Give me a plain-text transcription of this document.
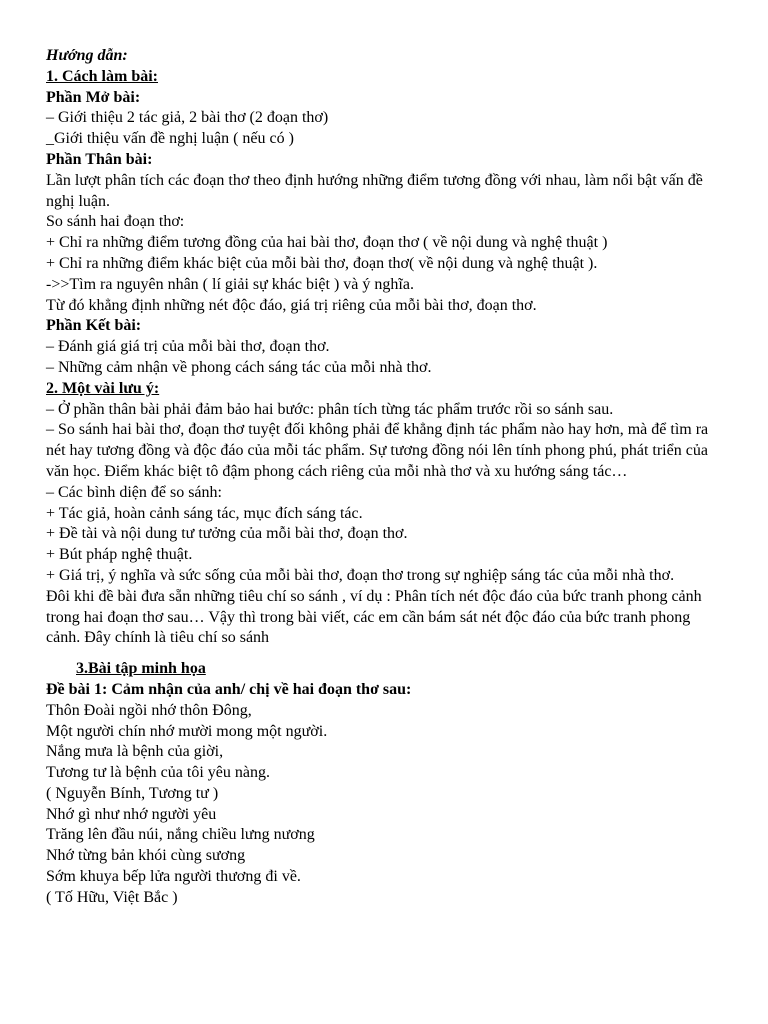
Hướng dẫn:
1. Cách làm bài:
Phần Mở bài:
– Giới thiệu 2 tác giả, 2 bài thơ (2 đoạn thơ)
_Giới thiệu vấn đề nghị luận ( nếu có )
Phần Thân bài:
Lần lượt phân tích các đoạn thơ theo định hướng những điểm tương đồng với nhau, làm nổi bật vấn đề nghị luận.
So sánh hai đoạn thơ:
+ Chỉ ra những điểm tương đồng của hai bài thơ, đoạn thơ ( về nội dung và nghệ thuật )
+ Chỉ ra những điểm khác biệt của mỗi bài thơ, đoạn thơ( về nội dung và nghệ thuật ).
->>Tìm ra nguyên nhân ( lí giải sự khác biệt ) và ý nghĩa.
Từ đó khẳng định những nét độc đáo, giá trị riêng của mỗi bài thơ, đoạn thơ.
Phần Kết bài:
– Đánh giá giá trị của mỗi bài thơ, đoạn thơ.
– Những cảm nhận về phong cách sáng tác của mỗi nhà thơ.
2. Một vài lưu ý:
– Ở phần thân bài phải đảm bảo hai bước: phân tích từng tác phẩm trước rồi so sánh sau.
– So sánh hai bài thơ, đoạn thơ tuyệt đối không phải để khẳng định tác phẩm nào hay hơn, mà để tìm ra nét hay tương đồng và độc đáo của mỗi tác phẩm. Sự tương đồng nói lên tính phong phú, phát triển của văn học. Điểm khác biệt tô đậm phong cách riêng của mỗi nhà thơ và xu hướng sáng tác…
– Các bình diện để so sánh:
+ Tác giả, hoàn cảnh sáng tác, mục đích sáng tác.
+ Đề tài và nội dung tư tưởng của mỗi bài thơ, đoạn thơ.
+ Bút pháp nghệ thuật.
+ Giá trị, ý nghĩa và sức sống của mỗi bài thơ, đoạn thơ trong sự nghiệp sáng tác của mỗi nhà thơ.
Đôi khi đề bài đưa sẵn những tiêu chí so sánh , ví dụ : Phân tích nét độc đáo của bức tranh phong cảnh trong hai đoạn thơ sau… Vậy thì trong bài viết, các em cần bám sát nét độc đáo của bức tranh phong cảnh. Đây chính là tiêu chí so sánh
3.Bài tập minh họa
Đề bài 1: Cảm nhận của anh/ chị về hai đoạn thơ sau:
Thôn Đoài ngồi nhớ thôn Đông,
Một người chín nhớ mười mong một người.
Nắng mưa là bệnh của giời,
Tương tư là bệnh của tôi yêu nàng.
( Nguyễn Bính, Tương tư )
Nhớ gì như nhớ người yêu
Trăng lên đầu núi, nắng chiều lưng nương
Nhớ từng bản khói cùng sương
Sớm khuya bếp lửa người thương đi về.
( Tố Hữu, Việt Bắc )
